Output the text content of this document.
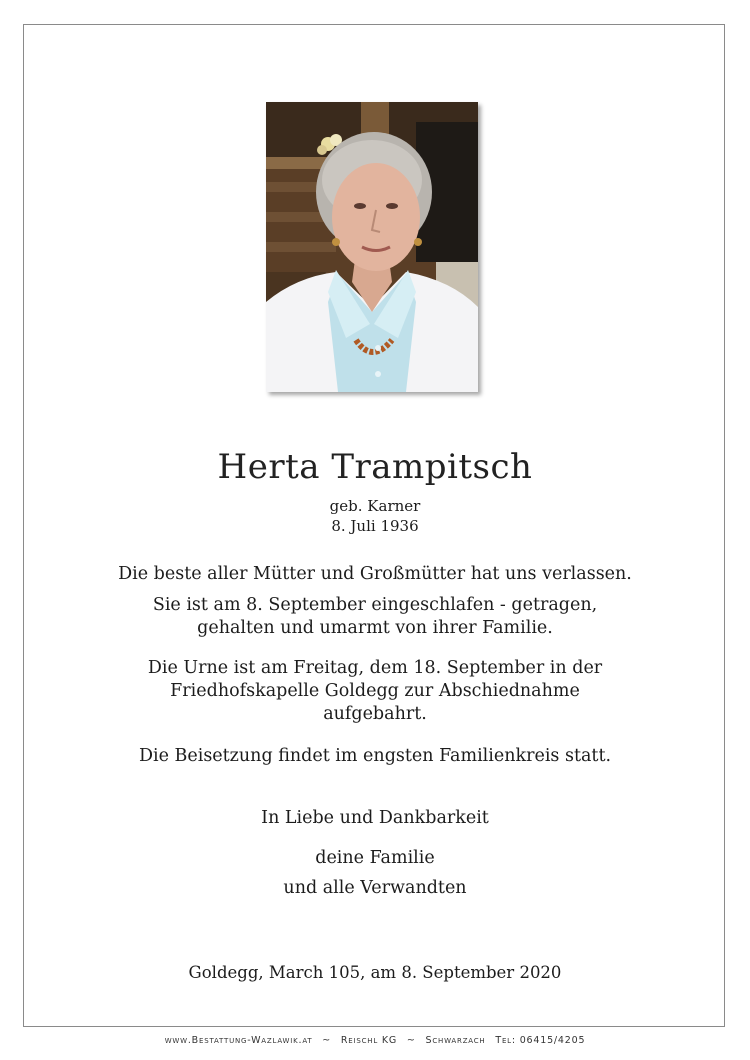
Herta Trampitsch

geb. Karner

8. Juli 1936

Die beste aller Mütter und Großmütter hat uns verlassen.

Sie ist am 8. September eingeschlafen - getragen,

gehalten und umarmt von ihrer Familie.

Die Urne ist am Freitag, dem 18. September in der

Friedhofskapelle Goldegg zur Abschiednahme

aufgebahrt.

Die Beisetzung findet im engsten Familienkreis statt.

In Liebe und Dankbarkeit

deine Familie

und alle Verwandten

Goldegg, March 105, am 8. September 2020

www.Bestattung-Wazlawik.at ~ Reischl KG ~ Schwarzach Tel: 06415/4205
